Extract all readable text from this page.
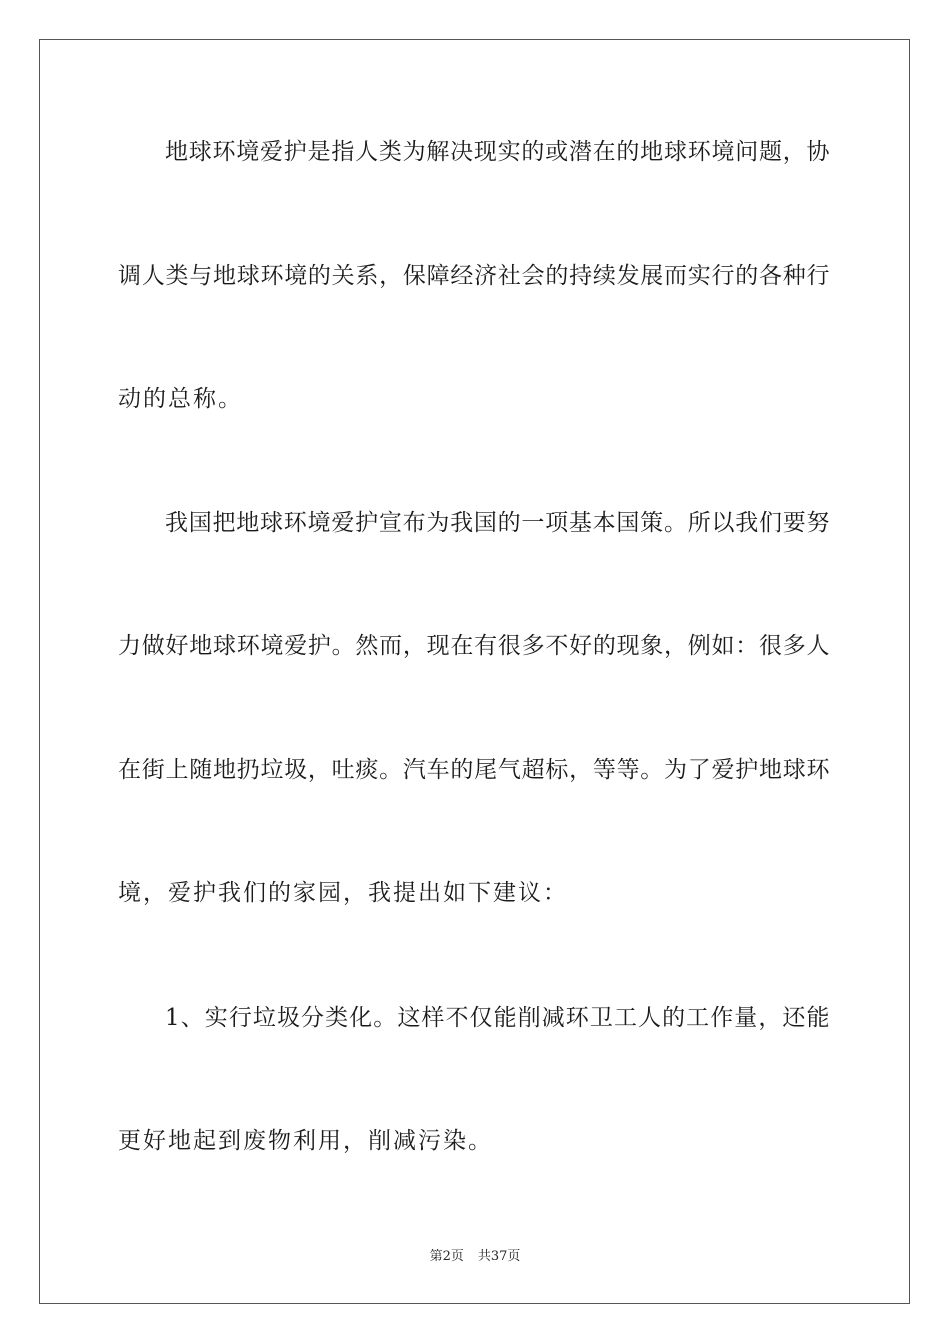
地球环境爱护是指人类为解决现实的或潜在的地球环境问题，协
调人类与地球环境的关系，保障经济社会的持续发展而实行的各种行
动的总称。
我国把地球环境爱护宣布为我国的一项基本国策。所以我们要努
力做好地球环境爱护。然而，现在有很多不好的现象，例如：很多人
在街上随地扔垃圾，吐痰。汽车的尾气超标，等等。为了爱护地球环
境，爱护我们的家园，我提出如下建议：
1、实行垃圾分类化。这样不仅能削减环卫工人的工作量，还能
更好地起到废物利用，削减污染。
第2页 共37页
